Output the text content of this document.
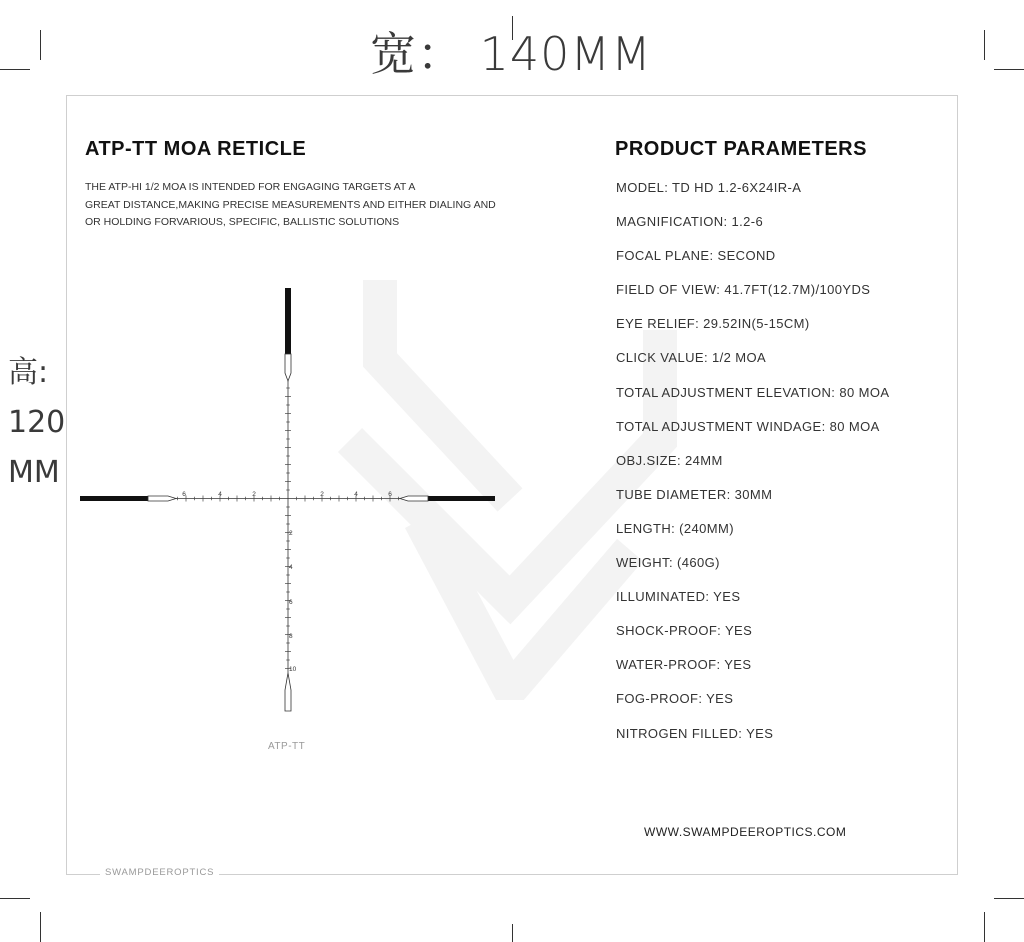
宽： 140MM
高:
120
MM
ATP-TT MOA RETICLE
THE ATP-HI 1/2 MOA IS INTENDED FOR ENGAGING TARGETS AT A
GREAT DISTANCE,MAKING PRECISE MEASUREMENTS AND EITHER DIALING AND
OR HOLDING FORVARIOUS, SPECIFIC, BALLISTIC SOLUTIONS
6	4	2	2	4	6
2
4
6
8
10
ATP-TT
PRODUCT PARAMETERS
MODEL: TD HD 1.2-6X24IR-A
MAGNIFICATION: 1.2-6
FOCAL PLANE: SECOND
FIELD OF VIEW: 41.7FT(12.7M)/100YDS
EYE RELIEF: 29.52IN(5-15CM)
CLICK VALUE: 1/2 MOA
TOTAL ADJUSTMENT ELEVATION: 80 MOA
TOTAL ADJUSTMENT WINDAGE: 80 MOA
OBJ.SIZE: 24MM
TUBE DIAMETER: 30MM
LENGTH: (240MM)
WEIGHT: (460G)
ILLUMINATED: YES
SHOCK-PROOF: YES
WATER-PROOF: YES
FOG-PROOF: YES
NITROGEN FILLED: YES
WWW.SWAMPDEEROPTICS.COM
SWAMPDEEROPTICS
